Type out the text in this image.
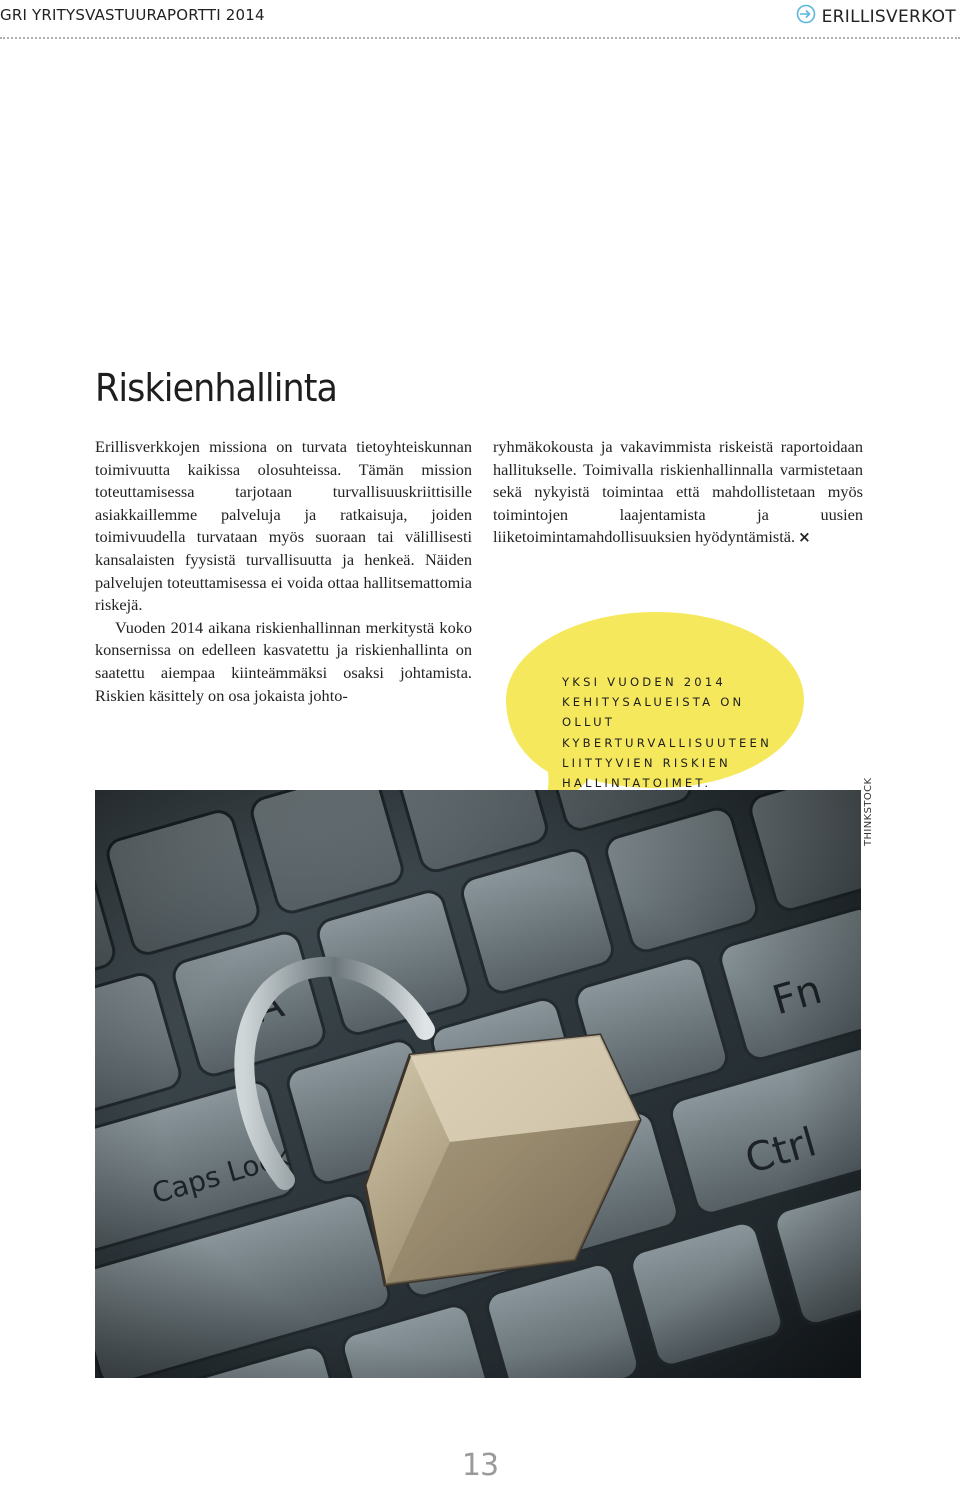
GRI YRITYSVASTUURAPORTTI 2014	ERILLISVERKOT
Riskienhallinta

Erillisverkkojen missiona on turvata tietoyhteiskunnan toimivuutta kaikissa olosuhteissa. Tämän mission toteuttamisessa tarjotaan turvallisuuskriittisille asiakkaillemme palveluja ja ratkaisuja, joiden toimivuudella turvataan myös suoraan tai välillisesti kansalaisten fyysistä turvallisuutta ja henkeä. Näiden palvelujen toteuttamisessa ei voida ottaa hallitsemattomia riskejä.

Vuoden 2014 aikana riskienhallinnan merkitystä koko konsernissa on edelleen kasvatettu ja riskienhallinta on saatettu aiempaa kiinteämmäksi osaksi johtamista. Riskien käsittely on osa jokaista johto-

ryhmäkokousta ja vakavimmista riskeistä raportoidaan hallitukselle. Toimivalla riskienhallinnalla varmistetaan sekä nykyistä toimintaa että mahdollistetaan myös toimintojen laajentamista ja uusien liiketoimintamahdollisuuksien hyödyntämistä. ×

YKSI VUODEN 2014 KEHITYSALUEISTA ON OLLUT KYBERTURVALLISUUTEEN LIITTYVIEN RISKIEN HALLINTATOIMET.	THINKSTOCK
13
